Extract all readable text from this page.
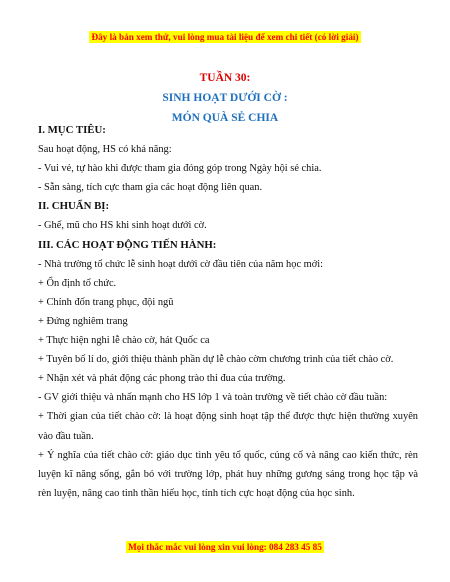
Đây là bản xem thử, vui lòng mua tài liệu để xem chi tiết (có lời giải)
TUẦN 30:
SINH HOẠT DƯỚI CỜ :
MÓN QUÀ SẺ CHIA

I. MỤC TIÊU:

Sau hoạt động, HS có khả năng:

- Vui vẻ, tự hào khi được tham gia đóng góp trong Ngày hội sẻ chia.

- Sẵn sàng, tích cực tham gia các hoạt động liên quan.

II. CHUẨN BỊ:

- Ghế, mũ cho HS khi sinh hoạt dưới cờ.

III. CÁC HOẠT ĐỘNG TIẾN HÀNH:

- Nhà trường tổ chức lễ sinh hoạt dưới cờ đầu tiên của năm học mới:

+ Ổn định tổ chức.

+ Chỉnh đốn trang phục, đội ngũ

+ Đứng nghiêm trang

+ Thực hiện nghi lễ chào cờ, hát Quốc ca

+ Tuyên bố lí do, giới thiệu thành phần dự lễ chào cờm chương trình của tiết chào cờ.

+ Nhận xét và phát động các phong trào thi đua của trường.

- GV giới thiệu và nhấn mạnh cho HS lớp 1 và toàn trường về tiết chào cờ đầu tuần:

+ Thời gian của tiết chào cờ: là hoạt động sinh hoạt tập thể được thực hiện thường xuyên vào đầu tuần.

+ Ý nghĩa của tiết chào cờ: giáo dục tình yêu tổ quốc, củng cố và nâng cao kiến thức, rèn luyện kĩ năng sống, gắn bó với trường lớp, phát huy những gương sáng trong học tập và rèn luyện, nâng cao tinh thần hiếu học, tính tích cực hoạt động của học sinh.

Mọi thắc mắc vui lòng xin vui lòng: 084 283 45 85
